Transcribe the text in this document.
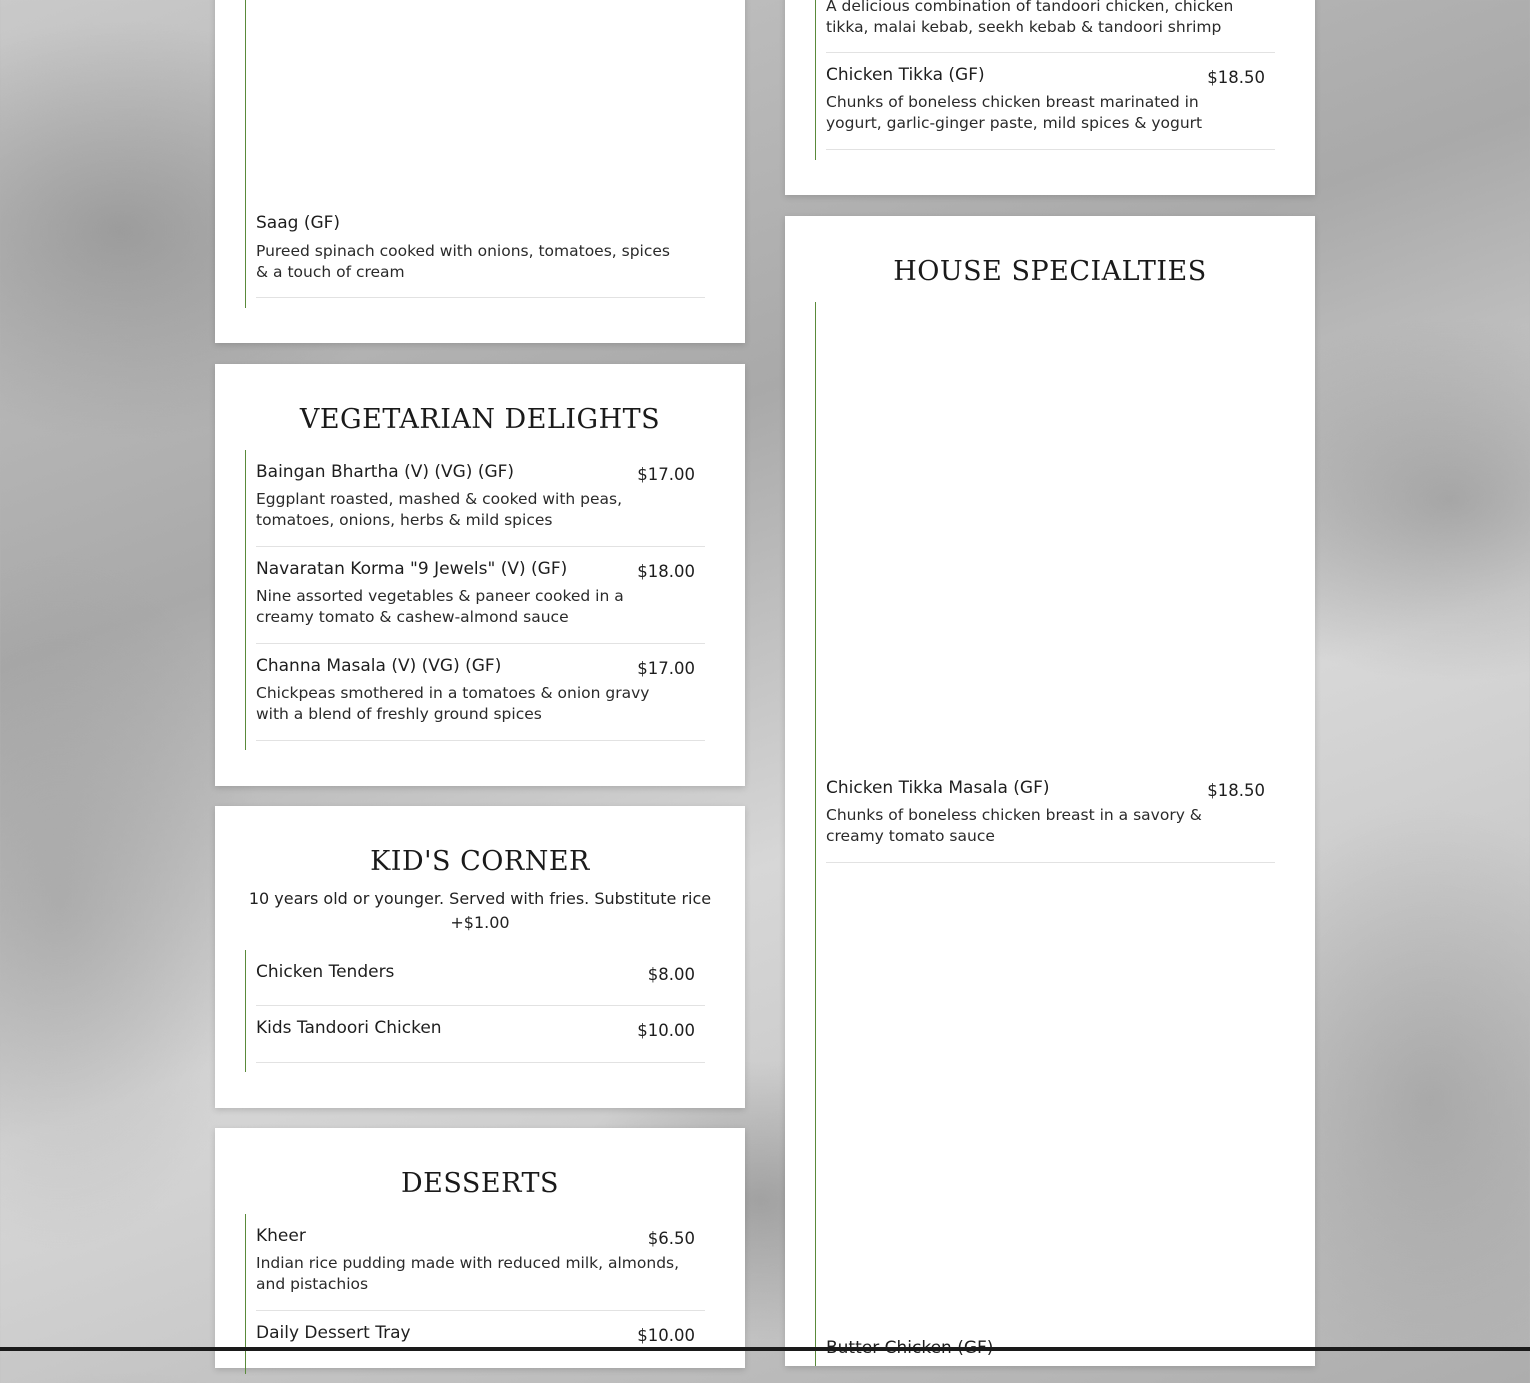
Saag (GF)
Pureed spinach cooked with onions, tomatoes, spices & a touch of cream
VEGETARIAN DELIGHTS
Baingan Bhartha (V) (VG) (GF)
Eggplant roasted, mashed & cooked with peas, tomatoes, onions, herbs & mild spices
$17.00
Navaratan Korma "9 Jewels" (V) (GF)
Nine assorted vegetables & paneer cooked in a creamy tomato & cashew-almond sauce
$18.00
Channa Masala (V) (VG) (GF)
Chickpeas smothered in a tomatoes & onion gravy with a blend of freshly ground spices
$17.00
KID'S CORNER
10 years old or younger. Served with fries. Substitute rice +$1.00
Chicken Tenders	$8.00
Kids Tandoori Chicken	$10.00
DESSERTS
Kheer
Indian rice pudding made with reduced milk, almonds, and pistachios
$6.50
Daily Dessert Tray	$10.00
A delicious combination of tandoori chicken, chicken tikka, malai kebab, seekh kebab & tandoori shrimp
Chicken Tikka (GF)
Chunks of boneless chicken breast marinated in yogurt, garlic-ginger paste, mild spices & yogurt
$18.50
HOUSE SPECIALTIES
Chicken Tikka Masala (GF)
Chunks of boneless chicken breast in a savory & creamy tomato sauce
$18.50
